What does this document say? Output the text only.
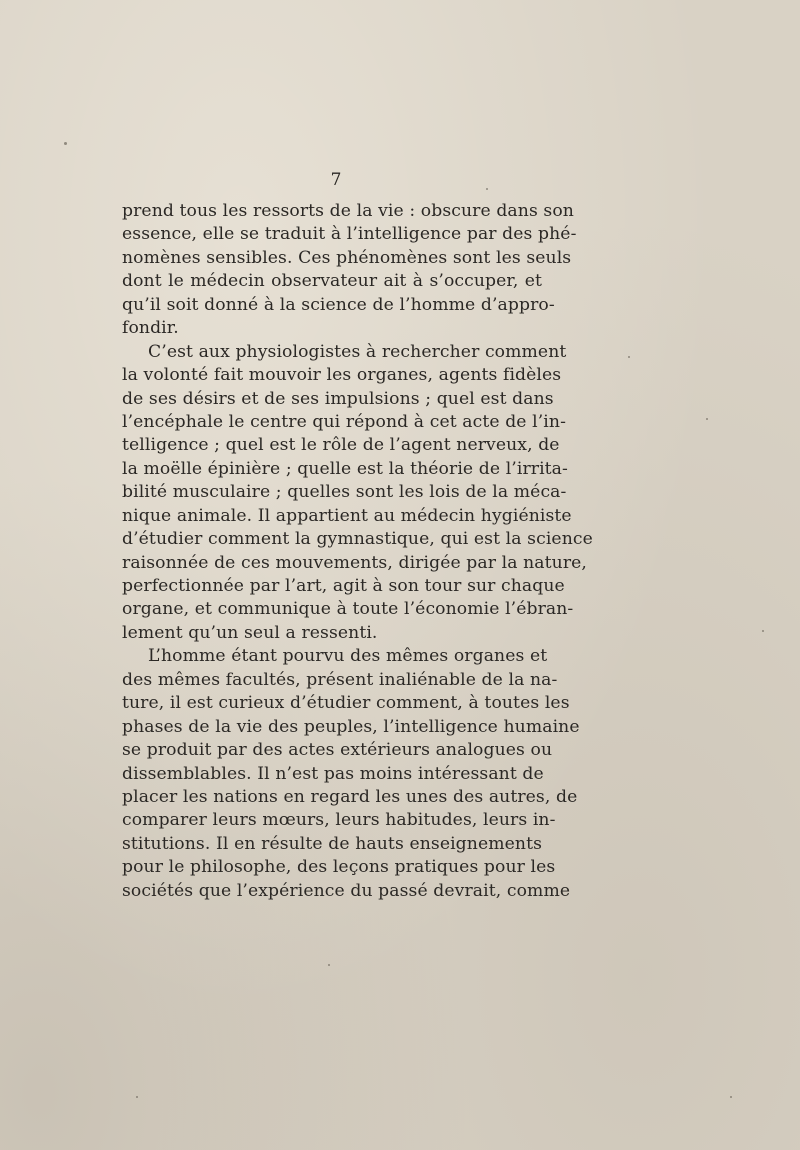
7
prend tous les ressorts de la vie : obscure dans son
essence, elle se traduit à l’intelligence par des phé-
nomènes sensibles. Ces phénomènes sont les seuls
dont le médecin observateur ait à s’occuper, et
qu’il soit donné à la science de l’homme d’appro-
fondir.
C’est aux physiologistes à rechercher comment
la volonté fait mouvoir les organes, agents fidèles
de ses désirs et de ses impulsions ; quel est dans
l’encéphale le centre qui répond à cet acte de l’in-
telligence ; quel est le rôle de l’agent nerveux, de
la moëlle épinière ; quelle est la théorie de l’irrita-
bilité musculaire ; quelles sont les lois de la méca-
nique animale. Il appartient au médecin hygiéniste
d’étudier comment la gymnastique, qui est la science
raisonnée de ces mouvements, dirigée par la nature,
perfectionnée par l’art, agit à son tour sur chaque
organe, et communique à toute l’économie l’ébran-
lement qu’un seul a ressenti.
L’homme étant pourvu des mêmes organes et
des mêmes facultés, présent inaliénable de la na-
ture, il est curieux d’étudier comment, à toutes les
phases de la vie des peuples, l’intelligence humaine
se produit par des actes extérieurs analogues ou
dissemblables. Il n’est pas moins intéressant de
placer les nations en regard les unes des autres, de
comparer leurs mœurs, leurs habitudes, leurs in-
stitutions. Il en résulte de hauts enseignements
pour le philosophe, des leçons pratiques pour les
sociétés que l’expérience du passé devrait, comme
